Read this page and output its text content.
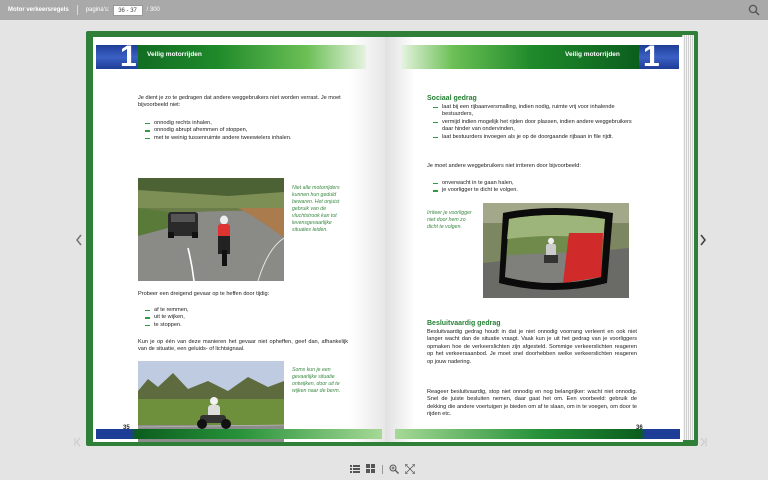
Motor verkeersregels	pagina's:	36 - 37	/ 300
1 Veilig motorrijden
Je dient je zo te gedragen dat andere weggebruikers niet worden verrast. Je moet bijvoorbeeld niet:
onnodig rechts inhalen,
onnodig abrupt afremmen of stoppen,
met te weinig tussenruimte andere tweewielers inhalen.
Niet alle motorrijders kunnen hun geduld bewaren. Het onjuist gebruik van de vluchtstrook kan tot levensgevaarlijke situaties leiden.
Probeer een dreigend gevaar op te heffen door tijdig:
af te remmen,
uit te wijken,
te stoppen.
Kun je op één van deze manieren het gevaar niet opheffen, geef dan, afhankelijk van de situatie, een geluids- of lichtsignaal.
Soms kun je een gevaarlijke situatie ontwijken, door uit te wijken naar de berm.
35
1
Veilig motorrijden
Sociaal gedrag
laat bij een rijbaanversmalling, indien nodig, ruimte vrij voor inhalende bestuurders,
vermijd indien mogelijk het rijden door plassen, indien andere weggebruikers daar hinder van ondervinden,
laat bestuurders invoegen als je op de doorgaande rijbaan in file rijdt.
Je moet andere weggebruikers niet irriteren door bijvoorbeeld:
onverwacht in te gaan halen,
je voorligger te dicht te volgen.
Irriteer je voorligger niet door hem zo dicht te volgen.
Besluitvaardig gedrag
Besluitvaardig gedrag houdt in dat je niet onnodig voorrang verleent en ook niet langer wacht dan de situatie vraagt. Vaak kun je uit het gedrag van je voorliggers opmaken hoe de verkeerslichten zijn afgesteld. Sommige verkeerslichten reageren op het verkeersaanbod. Je moet snel doorhebben welke verkeerslichten reageren op jouw nadering.
Reageer besluitvaardig, stop niet onnodig en nog belangrijker: wacht niet onnodig. Snel de juiste besluiten nemen, daar gaat het om. Een voorbeeld: gebruik de dekking die andere voertuigen je bieden om af te slaan, om in te voegen, om door te rijden etc.
36
